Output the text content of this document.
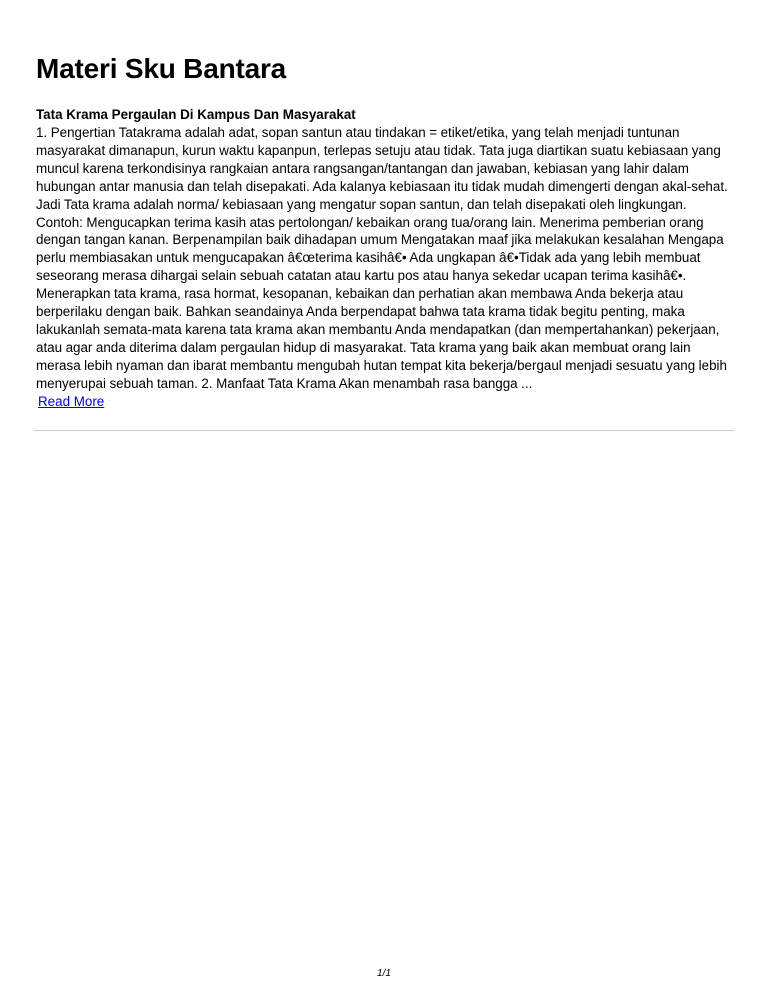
Materi Sku Bantara
Tata Krama Pergaulan Di Kampus Dan Masyarakat

1. Pengertian Tatakrama adalah adat, sopan santun atau tindakan = etiket/etika, yang telah menjadi tuntunan masyarakat dimanapun, kurun waktu kapanpun, terlepas setuju atau tidak. Tata juga diartikan suatu kebiasaan yang muncul karena terkondisinya rangkaian antara rangsangan/tantangan dan jawaban, kebiasan yang lahir dalam hubungan antar manusia dan telah disepakati. Ada kalanya kebiasaan itu tidak mudah dimengerti dengan akal-sehat. Jadi Tata krama adalah norma/ kebiasaan yang mengatur sopan santun, dan telah disepakati oleh lingkungan. Contoh: Mengucapkan terima kasih atas pertolongan/ kebaikan orang tua/orang lain. Menerima pemberian orang dengan tangan kanan. Berpenampilan baik dihadapan umum Mengatakan maaf jika melakukan kesalahan Mengapa perlu membiasakan untuk mengucapakan â€œterima kasihâ€• Ada ungkapan â€•Tidak ada yang lebih membuat seseorang merasa dihargai selain sebuah catatan atau kartu pos atau hanya sekedar ucapan terima kasihâ€•. Menerapkan tata krama, rasa hormat, kesopanan, kebaikan dan perhatian akan membawa Anda bekerja atau berperilaku dengan baik. Bahkan seandainya Anda berpendapat bahwa tata krama tidak begitu penting, maka lakukanlah semata-mata karena tata krama akan membantu Anda mendapatkan (dan mempertahankan) pekerjaan, atau agar anda diterima dalam pergaulan hidup di masyarakat. Tata krama yang baik akan membuat orang lain merasa lebih nyaman dan ibarat membantu mengubah hutan tempat kita bekerja/bergaul menjadi sesuatu yang lebih menyerupai sebuah taman. 2. Manfaat Tata Krama Akan menambah rasa bangga ...

Read More
1/1
